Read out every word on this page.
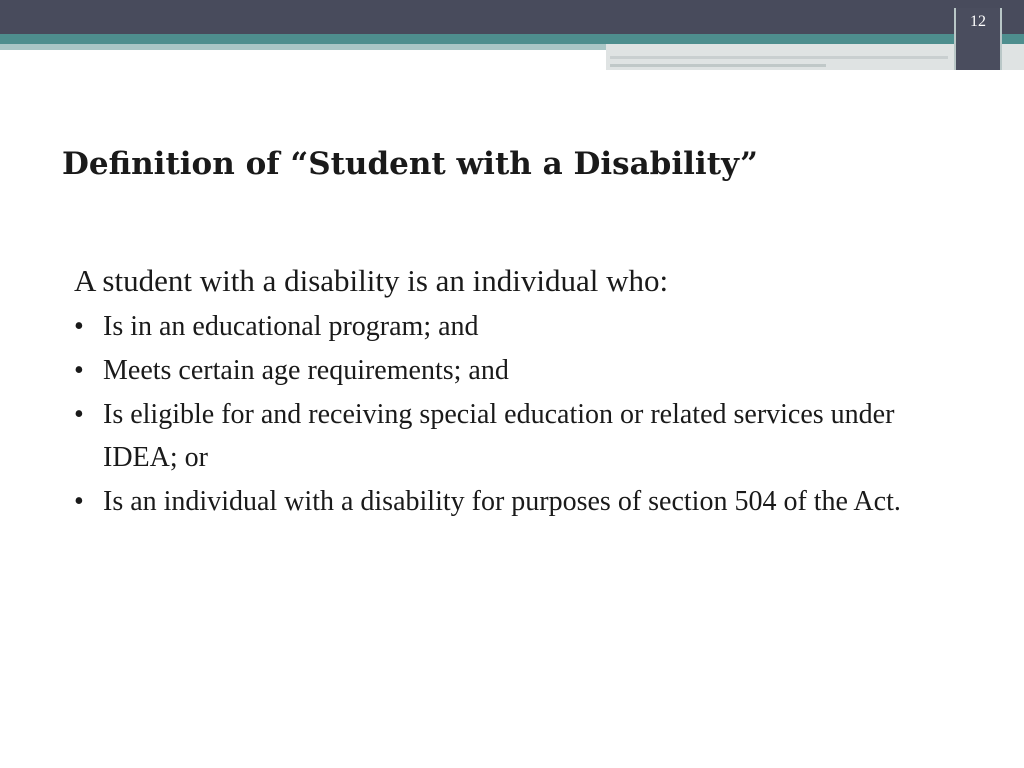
12
Definition of “Student with a Disability”

A student with a disability is an individual who:

• Is in an educational program; and
• Meets certain age requirements; and
• Is eligible for and receiving special education or related services under IDEA; or
• Is an individual with a disability for purposes of section 504 of the Act.
